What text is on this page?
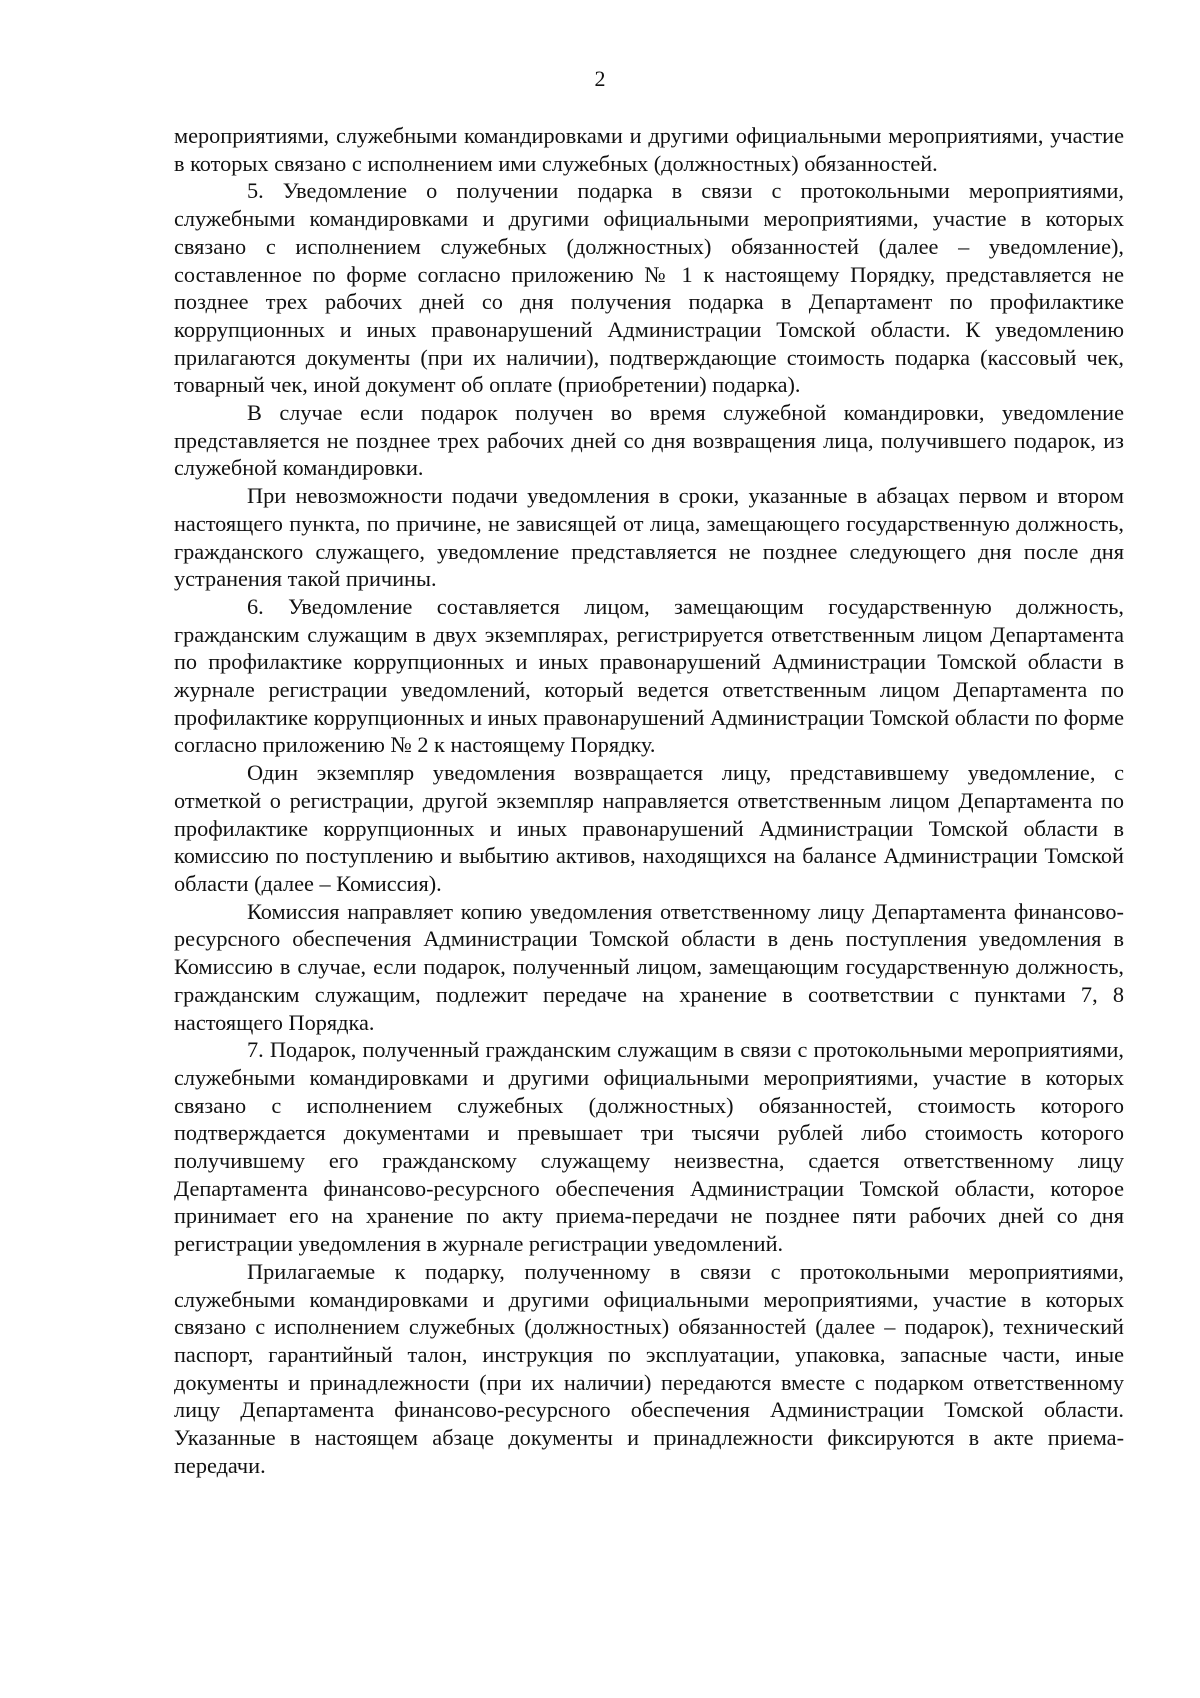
2

мероприятиями, служебными командировками и другими официальными мероприятиями, участие в которых связано с исполнением ими служебных (должностных) обязанностей.

5. Уведомление о получении подарка в связи с протокольными мероприятиями, служебными командировками и другими официальными мероприятиями, участие в которых связано с исполнением служебных (должностных) обязанностей (далее – уведомление), составленное по форме согласно приложению № 1 к настоящему Порядку, представляется не позднее трех рабочих дней со дня получения подарка в Департамент по профилактике коррупционных и иных правонарушений Администрации Томской области. К уведомлению прилагаются документы (при их наличии), подтверждающие стоимость подарка (кассовый чек, товарный чек, иной документ об оплате (приобретении) подарка).

В случае если подарок получен во время служебной командировки, уведомление представляется не позднее трех рабочих дней со дня возвращения лица, получившего подарок, из служебной командировки.

При невозможности подачи уведомления в сроки, указанные в абзацах первом и втором настоящего пункта, по причине, не зависящей от лица, замещающего государственную должность, гражданского служащего, уведомление представляется не позднее следующего дня после дня устранения такой причины.

6. Уведомление составляется лицом, замещающим государственную должность, гражданским служащим в двух экземплярах, регистрируется ответственным лицом Департамента по профилактике коррупционных и иных правонарушений Администрации Томской области в журнале регистрации уведомлений, который ведется ответственным лицом Департамента по профилактике коррупционных и иных правонарушений Администрации Томской области по форме согласно приложению № 2 к настоящему Порядку.

Один экземпляр уведомления возвращается лицу, представившему уведомление, с отметкой о регистрации, другой экземпляр направляется ответственным лицом Департамента по профилактике коррупционных и иных правонарушений Администрации Томской области в комиссию по поступлению и выбытию активов, находящихся на балансе Администрации Томской области (далее – Комиссия).

Комиссия направляет копию уведомления ответственному лицу Департамента финансово-ресурсного обеспечения Администрации Томской области в день поступления уведомления в Комиссию в случае, если подарок, полученный лицом, замещающим государственную должность, гражданским служащим, подлежит передаче на хранение в соответствии с пунктами 7, 8 настоящего Порядка.

7. Подарок, полученный гражданским служащим в связи с протокольными мероприятиями, служебными командировками и другими официальными мероприятиями, участие в которых связано с исполнением служебных (должностных) обязанностей, стоимость которого подтверждается документами и превышает три тысячи рублей либо стоимость которого получившему его гражданскому служащему неизвестна, сдается ответственному лицу Департамента финансово-ресурсного обеспечения Администрации Томской области, которое принимает его на хранение по акту приема-передачи не позднее пяти рабочих дней со дня регистрации уведомления в журнале регистрации уведомлений.

Прилагаемые к подарку, полученному в связи с протокольными мероприятиями, служебными командировками и другими официальными мероприятиями, участие в которых связано с исполнением служебных (должностных) обязанностей (далее – подарок), технический паспорт, гарантийный талон, инструкция по эксплуатации, упаковка, запасные части, иные документы и принадлежности (при их наличии) передаются вместе с подарком ответственному лицу Департамента финансово-ресурсного обеспечения Администрации Томской области. Указанные в настоящем абзаце документы и принадлежности фиксируются в акте приема-передачи.
